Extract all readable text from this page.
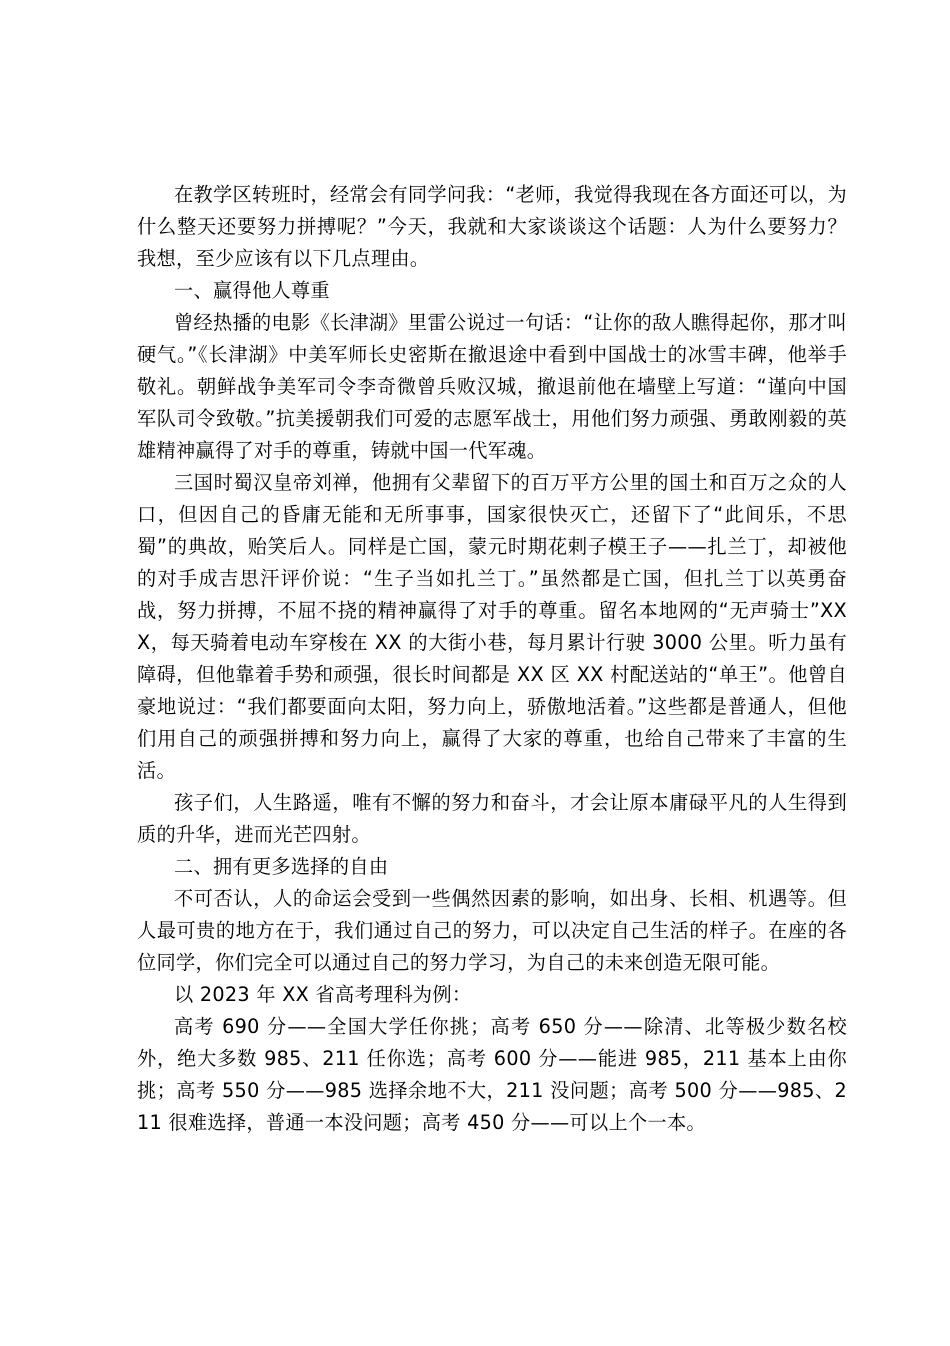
在教学区转班时，经常会有同学问我：“老师，我觉得我现在各方面还可以，为什么整天还要努力拼搏呢？”今天，我就和大家谈谈这个话题：人为什么要努力？我想，至少应该有以下几点理由。

一、赢得他人尊重

曾经热播的电影《长津湖》里雷公说过一句话：“让你的敌人瞧得起你，那才叫硬气。”《长津湖》中美军师长史密斯在撤退途中看到中国战士的冰雪丰碑，他举手敬礼。朝鲜战争美军司令李奇微曾兵败汉城，撤退前他在墙壁上写道：“谨向中国军队司令致敬。”抗美援朝我们可爱的志愿军战士，用他们努力顽强、勇敢刚毅的英雄精神赢得了对手的尊重，铸就中国一代军魂。

三国时蜀汉皇帝刘禅，他拥有父辈留下的百万平方公里的国土和百万之众的人口，但因自己的昏庸无能和无所事事，国家很快灭亡，还留下了“此间乐，不思蜀”的典故，贻笑后人。同样是亡国，蒙元时期花剌子模王子——扎兰丁，却被他的对手成吉思汗评价说：“生子当如扎兰丁。”虽然都是亡国，但扎兰丁以英勇奋战，努力拼搏，不屈不挠的精神赢得了对手的尊重。留名本地网的“无声骑士”XXX，每天骑着电动车穿梭在 XX 的大街小巷，每月累计行驶 3000 公里。听力虽有障碍，但他靠着手势和顽强，很长时间都是 XX 区 XX 村配送站的“单王”。他曾自豪地说过：“我们都要面向太阳，努力向上，骄傲地活着。”这些都是普通人，但他们用自己的顽强拼搏和努力向上，赢得了大家的尊重，也给自己带来了丰富的生活。

孩子们，人生路遥，唯有不懈的努力和奋斗，才会让原本庸碌平凡的人生得到质的升华，进而光芒四射。

二、拥有更多选择的自由

不可否认，人的命运会受到一些偶然因素的影响，如出身、长相、机遇等。但人最可贵的地方在于，我们通过自己的努力，可以决定自己生活的样子。在座的各位同学，你们完全可以通过自己的努力学习，为自己的未来创造无限可能。

以 2023 年 XX 省高考理科为例：

高考 690 分——全国大学任你挑；高考 650 分——除清、北等极少数名校外，绝大多数 985、211 任你选；高考 600 分——能进 985，211 基本上由你挑；高考 550 分——985 选择余地不大，211 没问题；高考 500 分——985、211 很难选择，普通一本没问题；高考 450 分——可以上个一本。
